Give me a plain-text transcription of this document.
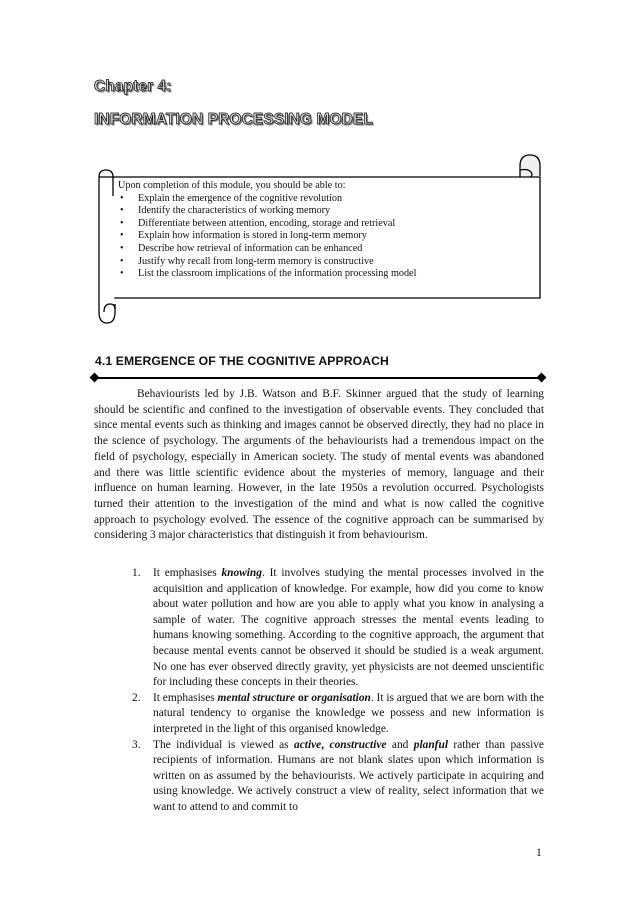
Chapter 4:
INFORMATION PROCESSING MODEL
Upon completion of this module, you should be able to:
• Explain the emergence of the cognitive revolution
• Identify the characteristics of working memory
• Differentiate between attention, encoding, storage and retrieval
• Explain how information is stored in long-term memory
• Describe how retrieval of information can be enhanced
• Justify why recall from long-term memory is constructive
• List the classroom implications of the information processing model
4.1 EMERGENCE OF THE COGNITIVE APPROACH

Behaviourists led by J.B. Watson and B.F. Skinner argued that the study of learning should be scientific and confined to the investigation of observable events. They concluded that since mental events such as thinking and images cannot be observed directly, they had no place in the science of psychology. The arguments of the behaviourists had a tremendous impact on the field of psychology, especially in American society. The study of mental events was abandoned and there was little scientific evidence about the mysteries of memory, language and their influence on human learning. However, in the late 1950s a revolution occurred. Psychologists turned their attention to the investigation of the mind and what is now called the cognitive approach to psychology evolved. The essence of the cognitive approach can be summarised by considering 3 major characteristics that distinguish it from behaviourism.

1. It emphasises knowing. It involves studying the mental processes involved in the acquisition and application of knowledge. For example, how did you come to know about water pollution and how are you able to apply what you know in analysing a sample of water. The cognitive approach stresses the mental events leading to humans knowing something. According to the cognitive approach, the argument that because mental events cannot be observed it should be studied is a weak argument. No one has ever observed directly gravity, yet physicists are not deemed unscientific for including these concepts in their theories.
2. It emphasises mental structure or organisation. It is argued that we are born with the natural tendency to organise the knowledge we possess and new information is interpreted in the light of this organised knowledge.
3. The individual is viewed as active, constructive and planful rather than passive recipients of information. Humans are not blank slates upon which information is written on as assumed by the behaviourists. We actively participate in acquiring and using knowledge. We actively construct a view of reality, select information that we want to attend to and commit to
1
